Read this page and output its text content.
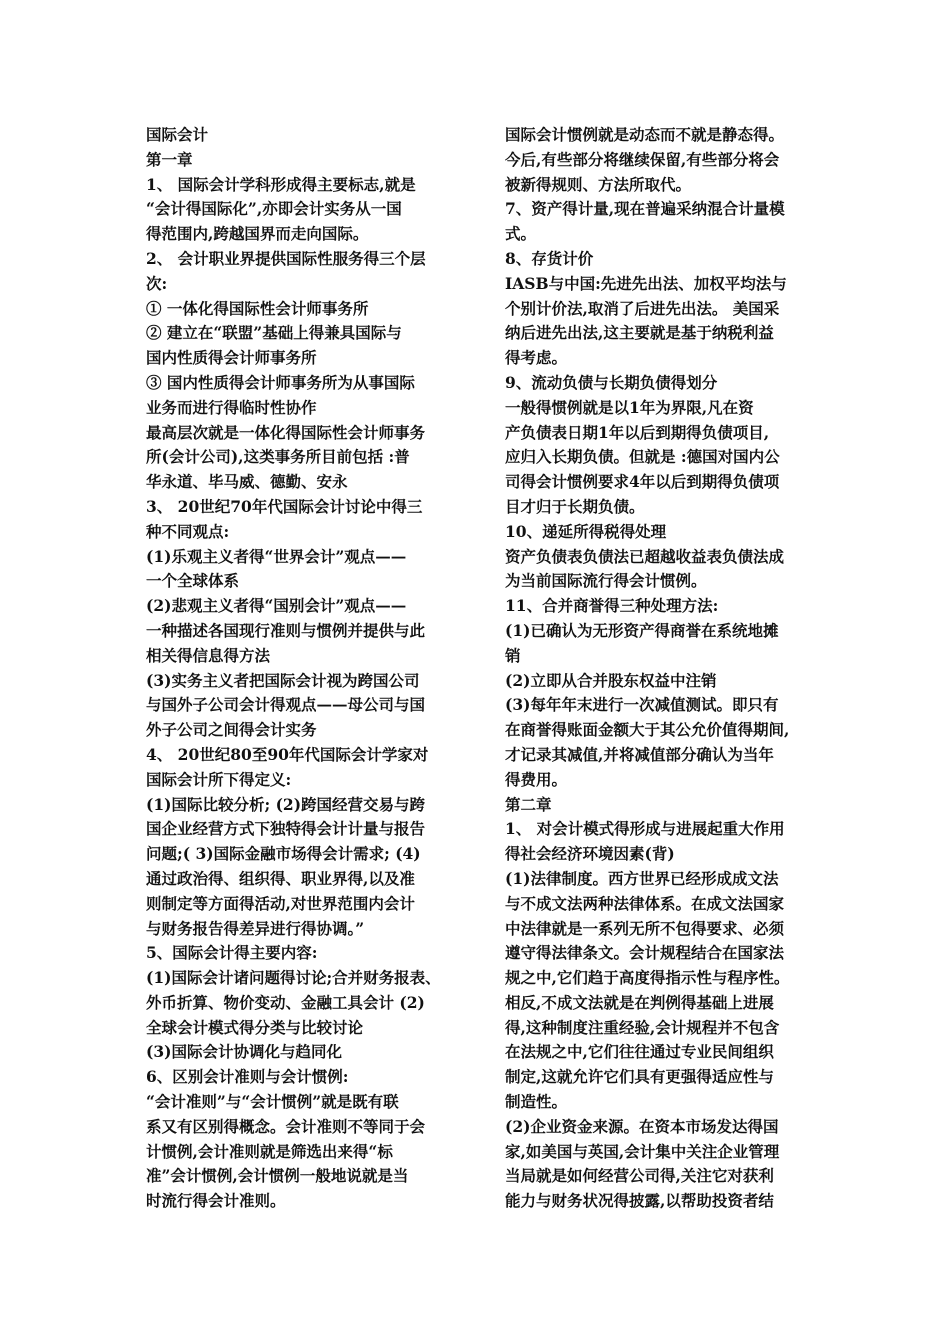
国际会计
第一章
1、 国际会计学科形成得主要标志,就是
“会计得国际化”,亦即会计实务从一国
得范围内,跨越国界而走向国际。
2、 会计职业界提供国际性服务得三个层
次:
① 一体化得国际性会计师事务所
② 建立在“联盟”基础上得兼具国际与
国内性质得会计师事务所
③ 国内性质得会计师事务所为从事国际
业务而进行得临时性协作
最高层次就是一体化得国际性会计师事务
所(会计公司),这类事务所目前包括 :普
华永道、毕马威、德勤、安永
3、 20世纪70年代国际会计讨论中得三
种不同观点:
(1)乐观主义者得“世界会计”观点——
一个全球体系
(2)悲观主义者得“国别会计”观点——
一种描述各国现行准则与惯例并提供与此
相关得信息得方法
(3)实务主义者把国际会计视为跨国公司
与国外子公司会计得观点——母公司与国
外子公司之间得会计实务
4、 20世纪80至90年代国际会计学家对
国际会计所下得定义:
(1)国际比较分析; (2)跨国经营交易与跨
国企业经营方式下独特得会计计量与报告
问题;( 3)国际金融市场得会计需求; (4)
通过政治得、组织得、职业界得,以及准
则制定等方面得活动,对世界范围内会计
与财务报告得差异进行得协调。”
5、国际会计得主要内容:
(1)国际会计诸问题得讨论;合并财务报表、
外币折算、物价变动、金融工具会计 (2)
全球会计模式得分类与比较讨论
(3)国际会计协调化与趋同化
6、区别会计准则与会计惯例:
“会计准则”与“会计惯例”就是既有联
系又有区别得概念。会计准则不等同于会
计惯例,会计准则就是筛选出来得“标
准”会计惯例,会计惯例一般地说就是当
时流行得会计准则。
国际会计惯例就是动态而不就是静态得。
今后,有些部分将继续保留,有些部分将会
被新得规则、方法所取代。
7、资产得计量,现在普遍采纳混合计量模
式。
8、存货计价
IASB与中国:先进先出法、加权平均法与
个别计价法,取消了后进先出法。 美国采
纳后进先出法,这主要就是基于纳税利益
得考虑。
9、流动负债与长期负债得划分
一般得惯例就是以1年为界限,凡在资
产负债表日期1年以后到期得负债项目,
应归入长期负债。但就是 :德国对国内公
司得会计惯例要求4年以后到期得负债项
目才归于长期负债。
10、递延所得税得处理
资产负债表负债法已超越收益表负债法成
为当前国际流行得会计惯例。
11、合并商誉得三种处理方法:
(1)已确认为无形资产得商誉在系统地摊
销
(2)立即从合并股东权益中注销
(3)每年年末进行一次减值测试。即只有
在商誉得账面金额大于其公允价值得期间,
才记录其减值,并将减值部分确认为当年
得费用。
第二章
1、 对会计模式得形成与进展起重大作用
得社会经济环境因素(背)
(1)法律制度。西方世界已经形成成文法
与不成文法两种法律体系。在成文法国家
中法律就是一系列无所不包得要求、必须
遵守得法律条文。会计规程结合在国家法
规之中,它们趋于高度得指示性与程序性。
相反,不成文法就是在判例得基础上进展
得,这种制度注重经验,会计规程并不包含
在法规之中,它们往往通过专业民间组织
制定,这就允许它们具有更强得适应性与
制造性。
(2)企业资金来源。在资本市场发达得国
家,如美国与英国,会计集中关注企业管理
当局就是如何经营公司得,关注它对获利
能力与财务状况得披露,以帮助投资者结
